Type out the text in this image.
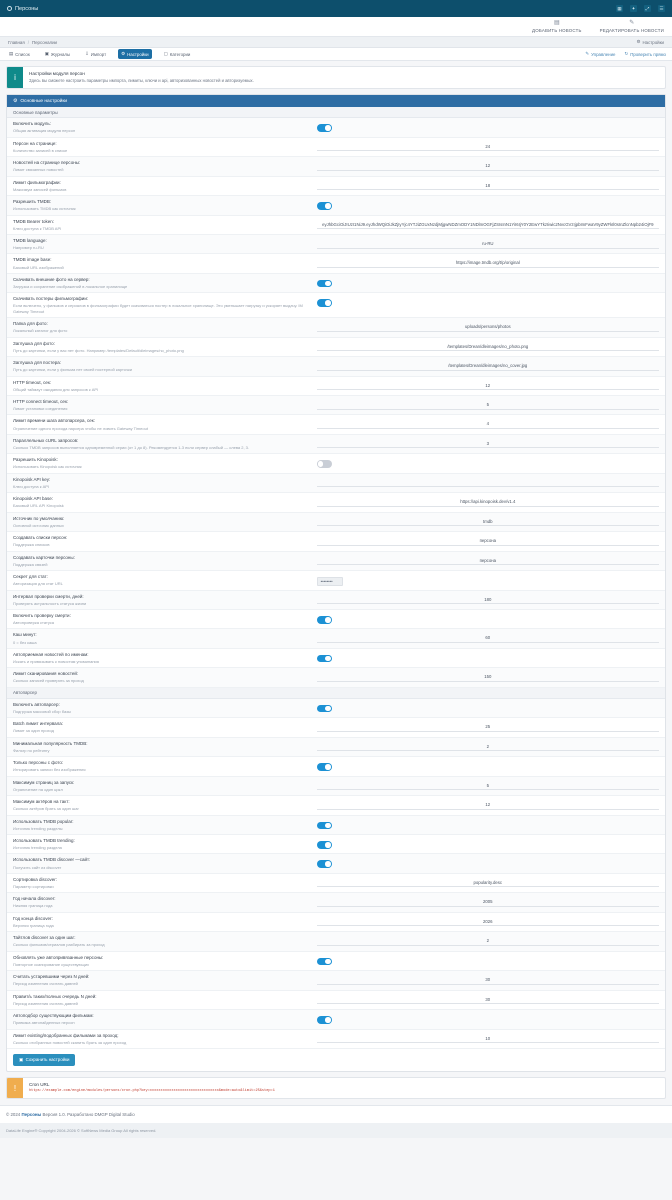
Персоны	▦	✦	⤢	☰
▤
ДОБАВИТЬ НОВОСТЬ
✎
РЕДАКТИРОВАТЬ НОВОСТИ
Главная / Персоналии	⚙ Настройки
▤ Список	▣ Журналы	⇩ Импорт	⚙ Настройки	▢ Категории	✎ Управление ↻ Проверить прямо
i	Настройки модуля персон
Здесь вы сможете настроить параметры импорта, лимиты, ключи и api, авторизованных новостей и авторизуемых.
⚙ Основные настройки
Основные параметры
Включить модуль:
Общая активация модуля персон
Персон на странице:
Количество записей в списке
24
Новостей на странице персоны:
Лимит связанных новостей
12
Лимит фильмографии:
Максимум записей фильмов
18
Разрешить TMDB:
Использовать TMDB как источник
TMDB Bearer token:
Ключ доступа к TMDB API
eyJhbGciOiJIUzI1NiJ9.eyJhdWQiOiJkZjIyYjc4YTJiZGUxNzdjMjgwNDZmODY1NDlmOGFjZSIsInN1YiI6IjY0Y2EwYTkzIiwic2NvcGVzIjpbImFwaV9yZWFkIl0sInZlcnNpb24iOjF9
TMDB language:
Например ru-RU
ru-RU
TMDB image base:
Базовый URL изображений
https://image.tmdb.org/t/p/original
Скачивать внешние фото на сервер:
Загрузка и сохранение изображений в локальное хранилище
Скачивать постеры фильмографии:
Если включено, у фильмов и сериалов в фильмографии будет скачиваться постер в локальное хранилище. Это уменьшает нагрузку и ускоряет выдачу. IM Gateway Timeout
Папка для фото:
Локальный каталог для фото
uploads/persons/photos
Заглушка для фото:
Путь до картинки, если у вас нет фото. Например /templates/Default/dleimages/no_photo.png
/templates/Drean/dleimages/no_photo.png
Заглушка для постера:
Путь до картинки, если у фильма нет своей постерной карточки
/templates/Drean/dleimages/no_cover.jpg
HTTP timeout, сек:
Общий таймаут ожидания для запросов к API
12
HTTP connect timeout, сек:
Лимит установки соединения
5
Лимит времени шага автопарсера, сек:
Ограничение одного прохода парсера чтобы не ловить Gateway Timeout
4
Параллельных cURL запросов:
Сколько TMDB запросов выполняется одновременной серии (от 1 до 8). Рекомендуется 1-3 если сервер слабый — слева 2, 3.
3
Разрешить Kinopoisk:
Использовать Kinopoisk как источник
Kinopoisk API key:
Ключ доступа к API
Kinopoisk API base:
Базовый URL API Kinopoisk
https://api.kinopoisk.dev/v1.4
Источник по умолчанию:
Основной источник данных
tmdb
Создавать списки персон:
Поддержка списков
персона
Создавать карточки персоны:
Поддержка связей
персона
Секрет для стат:
Авторизация для стат URL	••••••••
Интервал проверки смерти, дней:
Проверять актуальность статуса жизни
180
Включить проверку смерти:
Автопроверка статуса
Каш минут:
0 = без каша
60
Автоприемная новостей по именам:
Искать и привязывать к новостям упоминания
Лимит сканирования новостей:
Сколько записей проверять за проход
150
Автопарсер
Включить автопарсер:
Подгрузка массовой сбор базы
Batch лимит интервала:
Лимит за один проход
25
Минимальная популярность TMDB:
Фильтр по рейтингу
2
Только персоны с фото:
Игнорировать записи без изображения
Максимум страниц за запуск:
Ограничение на один цикл
5
Максимум актёров на такт:
Сколько актёров брать за один шаг
12
Использовать TMDB popular:
Источник trending разделы
Использовать TMDB trending:
Источник trending раздела
Использовать TMDB discover —сайт:
Получить сайт из discover
Сортировка discover:
Параметр сортировки
popularity.desc
Год начала discover:
Нижняя граница года
2005
Год конца discover:
Верхняя граница года
2026
Тайтлов discover за один шаг:
Сколько фильмов/сериалов разбирать за проход
2
Обновлять уже автопривязанные персоны:
Повторное сканирование существующих
Считать устаревшими через N дней:
Период изменения считать давней
30
Правит/ь таких/полных очередь N дней:
Период изменения считать давней
30
Автоподбор существующим фильмам:
Привязка автонайденных персон
Лимит existing/подобранных фильмами за проход:
Сколько отобранных новостей сканить брать за один проход
10
▣ Сохранить настройки
!	Cron URL
https://example.com/engine/modules/persons/cron.php?key=xxxxxxxxxxxxxxxxxxxxxxxxxxxxxxxx&mode=auto&limit=25&step=1
© 2024 Персоны Версия 1.0. Разработано DMGP Digital Studio
DataLife Engine® Copyright 2004-2026 © SoftNews Media Group All rights reserved.
